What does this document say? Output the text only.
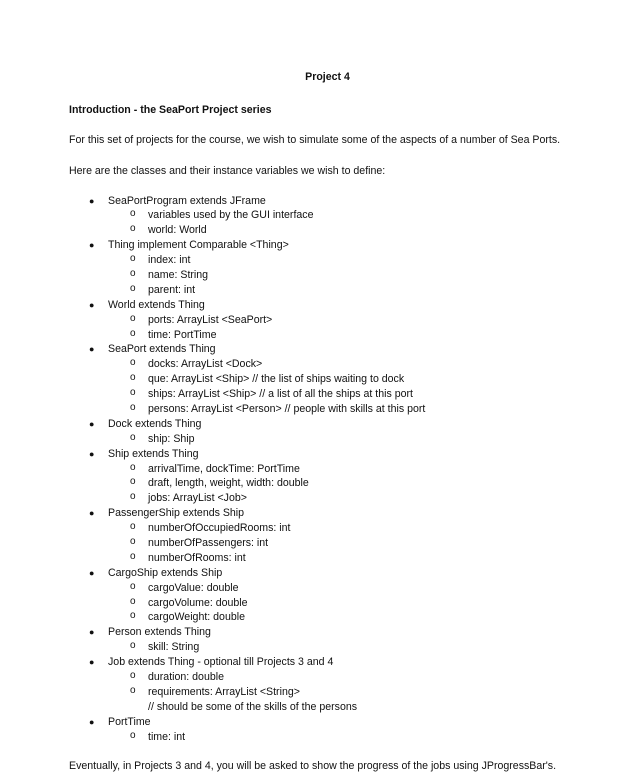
Project 4
Introduction - the SeaPort Project series
For this set of projects for the course, we wish to simulate some of the aspects of a number of Sea Ports.
Here are the classes and their instance variables we wish to define:
● SeaPortProgram extends JFrame
o variables used by the GUI interface
o world: World
● Thing implement Comparable <Thing>
o index: int
o name: String
o parent: int
● World extends Thing
o ports: ArrayList <SeaPort>
o time: PortTime
● SeaPort extends Thing
o docks: ArrayList <Dock>
o que: ArrayList <Ship> // the list of ships waiting to dock
o ships: ArrayList <Ship> // a list of all the ships at this port
o persons: ArrayList <Person> // people with skills at this port
● Dock extends Thing
o ship: Ship
● Ship extends Thing
o arrivalTime, dockTime: PortTime
o draft, length, weight, width: double
o jobs: ArrayList <Job>
● PassengerShip extends Ship
o numberOfOccupiedRooms: int
o numberOfPassengers: int
o numberOfRooms: int
● CargoShip extends Ship
o cargoValue: double
o cargoVolume: double
o cargoWeight: double
● Person extends Thing
o skill: String
● Job extends Thing - optional till Projects 3 and 4
o duration: double
o requirements: ArrayList <String>
// should be some of the skills of the persons
● PortTime
o time: int
Eventually, in Projects 3 and 4, you will be asked to show the progress of the jobs using JProgressBar's.
